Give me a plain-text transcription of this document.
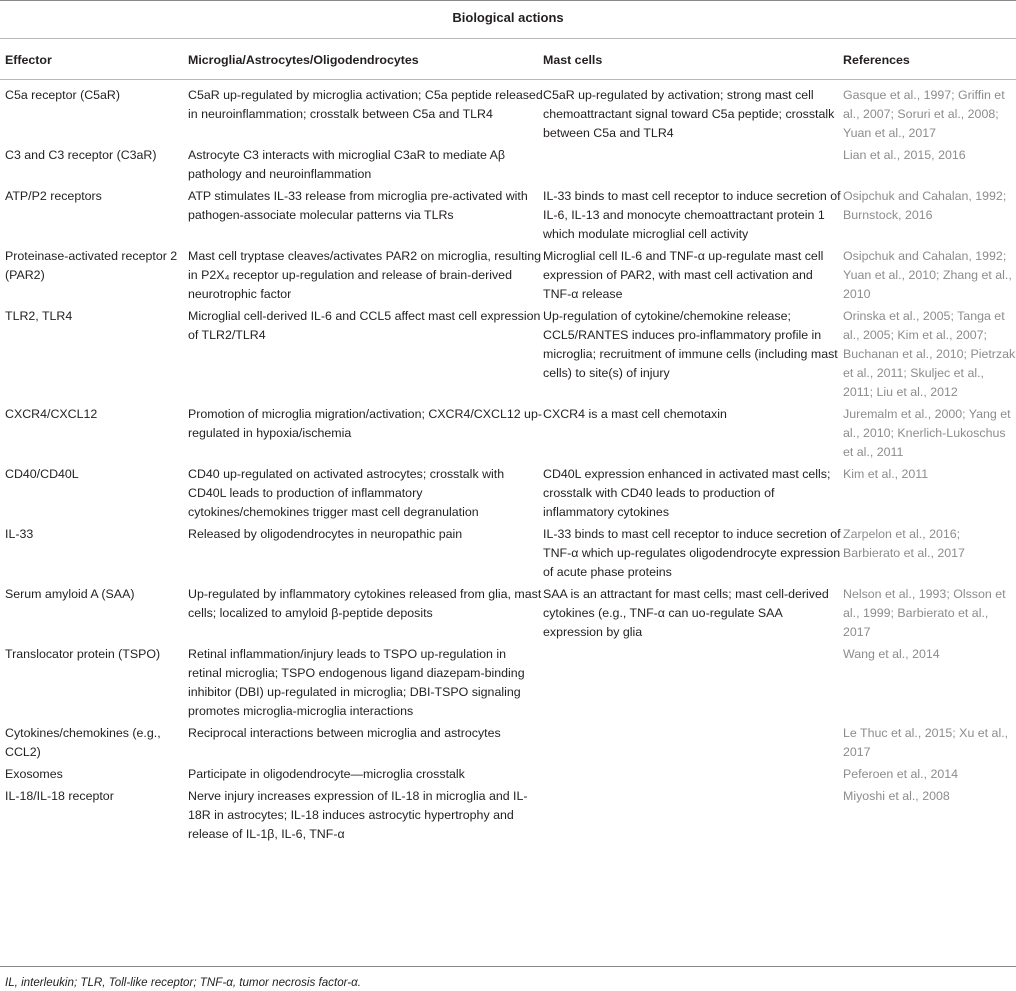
Biological actions
Effector	Microglia/Astrocytes/Oligodendrocytes	Mast cells	References
C5a receptor (C5aR)	C5aR up-regulated by microglia activation; C5a peptide released in neuroinflammation; crosstalk between C5a and TLR4	C5aR up-regulated by activation; strong mast cell chemoattractant signal toward C5a peptide; crosstalk between C5a and TLR4	Gasque et al., 1997; Griffin et al., 2007; Soruri et al., 2008; Yuan et al., 2017
C3 and C3 receptor (C3aR)	Astrocyte C3 interacts with microglial C3aR to mediate Aβ pathology and neuroinflammation		Lian et al., 2015, 2016
ATP/P2 receptors	ATP stimulates IL-33 release from microglia pre-activated with pathogen-associate molecular patterns via TLRs	IL-33 binds to mast cell receptor to induce secretion of IL-6, IL-13 and monocyte chemoattractant protein 1 which modulate microglial cell activity	Osipchuk and Cahalan, 1992; Burnstock, 2016
Proteinase-activated receptor 2 (PAR2)	Mast cell tryptase cleaves/activates PAR2 on microglia, resulting in P2X₄ receptor up-regulation and release of brain-derived neurotrophic factor	Microglial cell IL-6 and TNF-α up-regulate mast cell expression of PAR2, with mast cell activation and TNF-α release	Osipchuk and Cahalan, 1992; Yuan et al., 2010; Zhang et al., 2010
TLR2, TLR4	Microglial cell-derived IL-6 and CCL5 affect mast cell expression of TLR2/TLR4	Up-regulation of cytokine/chemokine release; CCL5/RANTES induces pro-inflammatory profile in microglia; recruitment of immune cells (including mast cells) to site(s) of injury	Orinska et al., 2005; Tanga et al., 2005; Kim et al., 2007; Buchanan et al., 2010; Pietrzak et al., 2011; Skuljec et al., 2011; Liu et al., 2012
CXCR4/CXCL12	Promotion of microglia migration/activation; CXCR4/CXCL12 up-regulated in hypoxia/ischemia	CXCR4 is a mast cell chemotaxin	Juremalm et al., 2000; Yang et al., 2010; Knerlich-Lukoschus et al., 2011
CD40/CD40L	CD40 up-regulated on activated astrocytes; crosstalk with CD40L leads to production of inflammatory cytokines/chemokines trigger mast cell degranulation	CD40L expression enhanced in activated mast cells; crosstalk with CD40 leads to production of inflammatory cytokines	Kim et al., 2011
IL-33	Released by oligodendrocytes in neuropathic pain	IL-33 binds to mast cell receptor to induce secretion of TNF-α which up-regulates oligodendrocyte expression of acute phase proteins	Zarpelon et al., 2016; Barbierato et al., 2017
Serum amyloid A (SAA)	Up-regulated by inflammatory cytokines released from glia, mast cells; localized to amyloid β-peptide deposits	SAA is an attractant for mast cells; mast cell-derived cytokines (e.g., TNF-α can uo-regulate SAA expression by glia	Nelson et al., 1993; Olsson et al., 1999; Barbierato et al., 2017
Translocator protein (TSPO)	Retinal inflammation/injury leads to TSPO up-regulation in retinal microglia; TSPO endogenous ligand diazepam-binding inhibitor (DBI) up-regulated in microglia; DBI-TSPO signaling promotes microglia-microglia interactions		Wang et al., 2014
Cytokines/chemokines (e.g., CCL2)	Reciprocal interactions between microglia and astrocytes		Le Thuc et al., 2015; Xu et al., 2017
Exosomes	Participate in oligodendrocyte—microglia crosstalk		Peferoen et al., 2014
IL-18/IL-18 receptor	Nerve injury increases expression of IL-18 in microglia and IL-18R in astrocytes; IL-18 induces astrocytic hypertrophy and release of IL-1β, IL-6, TNF-α		Miyoshi et al., 2008
IL, interleukin; TLR, Toll-like receptor; TNF-α, tumor necrosis factor-α.
